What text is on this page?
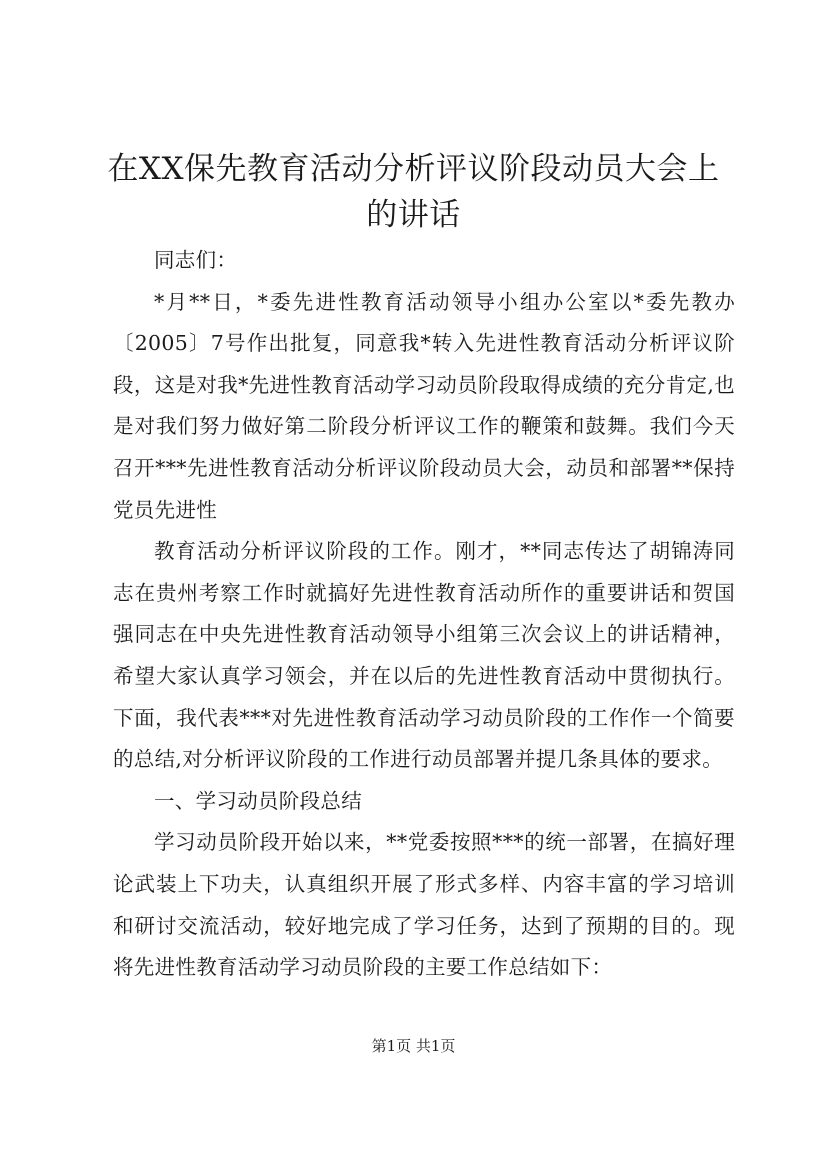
在XX保先教育活动分析评议阶段动员大会上
的讲话

同志们：

*月**日，*委先进性教育活动领导小组办公室以*委先教办〔2005〕7号作出批复，同意我*转入先进性教育活动分析评议阶段，这是对我*先进性教育活动学习动员阶段取得成绩的充分肯定,也是对我们努力做好第二阶段分析评议工作的鞭策和鼓舞。我们今天召开***先进性教育活动分析评议阶段动员大会，动员和部署**保持党员先进性

教育活动分析评议阶段的工作。刚才，**同志传达了胡锦涛同志在贵州考察工作时就搞好先进性教育活动所作的重要讲话和贺国强同志在中央先进性教育活动领导小组第三次会议上的讲话精神，希望大家认真学习领会，并在以后的先进性教育活动中贯彻执行。下面，我代表***对先进性教育活动学习动员阶段的工作作一个简要的总结,对分析评议阶段的工作进行动员部署并提几条具体的要求。

一、学习动员阶段总结

学习动员阶段开始以来，**党委按照***的统一部署，在搞好理论武装上下功夫，认真组织开展了形式多样、内容丰富的学习培训和研讨交流活动，较好地完成了学习任务，达到了预期的目的。现将先进性教育活动学习动员阶段的主要工作总结如下：

第1页 共1页
